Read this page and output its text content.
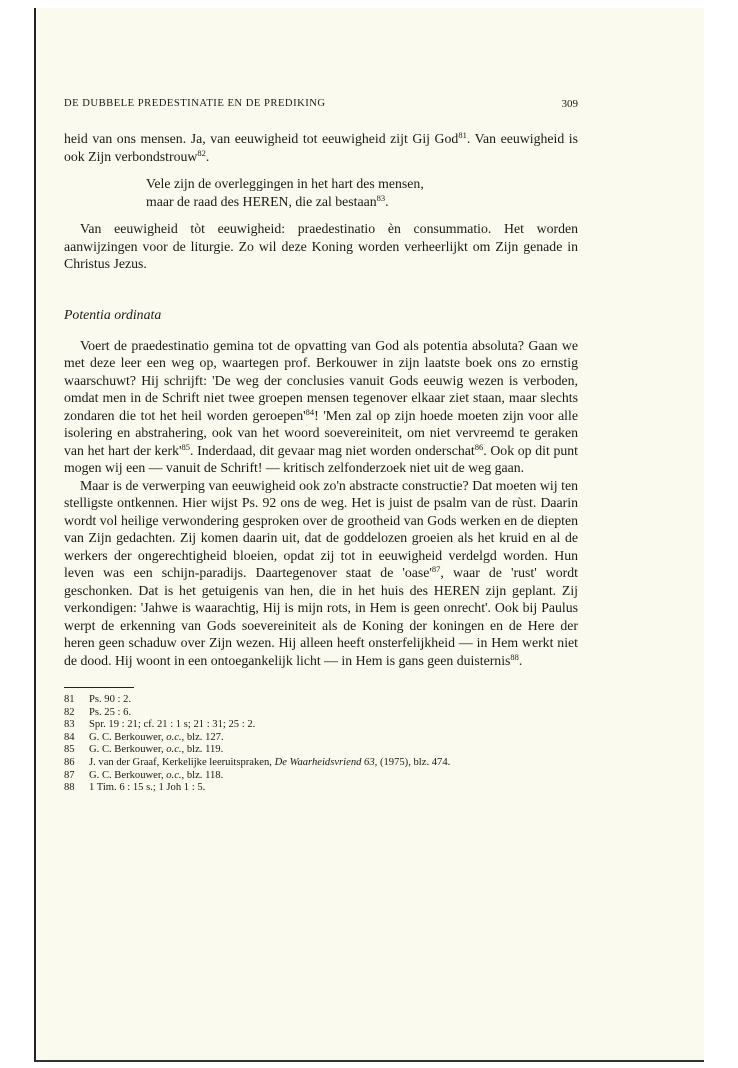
DE DUBBELE PREDESTINATIE EN DE PREDIKING	309

heid van ons mensen. Ja, van eeuwigheid tot eeuwigheid zijt Gij God$^{81}$. Van eeuwigheid is ook Zijn verbondstrouw$^{82}$.

Vele zijn de overleggingen in het hart des mensen,
maar de raad des HEREN, die zal bestaan$^{83}$.

Van eeuwigheid tòt eeuwigheid: praedestinatio èn consummatio. Het worden aanwijzingen voor de liturgie. Zo wil deze Koning worden verheerlijkt om Zijn genade in Christus Jezus.

Potentia ordinata

Voert de praedestinatio gemina tot de opvatting van God als potentia absoluta? Gaan we met deze leer een weg op, waartegen prof. Berkouwer in zijn laatste boek ons zo ernstig waarschuwt? Hij schrijft: 'De weg der conclusies vanuit Gods eeuwig wezen is verboden, omdat men in de Schrift niet twee groepen mensen tegenover elkaar ziet staan, maar slechts zondaren die tot het heil worden $geroepen'^{84}$! 'Men zal op zijn hoede moeten zijn voor alle isolering en abstrahering, ook van het woord soevereiniteit, om niet vervreemd te geraken van het hart der $kerk'^{85}$. Inderdaad, dit gevaar mag niet worden onderschat$^{86}$. Ook op dit punt mogen wij een — vanuit de Schrift! — kritisch zelfonderzoek niet uit de weg gaan.

Maar is de verwerping van eeuwigheid ook zo'n abstracte constructie? Dat moeten wij ten stelligste ontkennen. Hier wijst Ps. 92 ons de weg. Het is juist de psalm van de rùst. Daarin wordt vol heilige verwondering gesproken over de grootheid van Gods werken en de diepten van Zijn gedachten. Zij komen daarin uit, dat de goddelozen groeien als het kruid en al de werkers der ongerechtigheid bloeien, opdat zij tot in eeuwigheid verdelgd worden. Hun leven was een schijn-paradijs. Daartegenover staat de '$oase'^{87}$, waar de 'rust' wordt geschonken. Dat is het getuigenis van hen, die in het huis des HEREN zijn geplant. Zij verkondigen: 'Jahwe is waarachtig, Hij is mijn rots, in Hem is geen onrecht'. Ook bij Paulus werpt de erkenning van Gods soevereiniteit als de Koning der koningen en de Here der heren geen schaduw over Zijn wezen. Hij alleen heeft onsterfelijkheid — in Hem werkt niet de dood. Hij woont in een ontoegankelijk licht — in Hem is gans geen duisternis$^{88}$.

81	Ps. 90 : 2.
82	Ps. 25 : 6.
83	Spr. 19 : 21; cf. 21 : 1 s; 21 : 31; 25 : 2.
84	G. C. Berkouwer, o.c., blz. 127.
85	G. C. Berkouwer, o.c., blz. 119.
86	J. van der Graaf, Kerkelijke leeruitspraken, De Waarheidsvriend 63, (1975), blz. 474.
87	G. C. Berkouwer, o.c., blz. 118.
88	1 Tim. 6 : 15 s.; 1 Joh 1 : 5.
